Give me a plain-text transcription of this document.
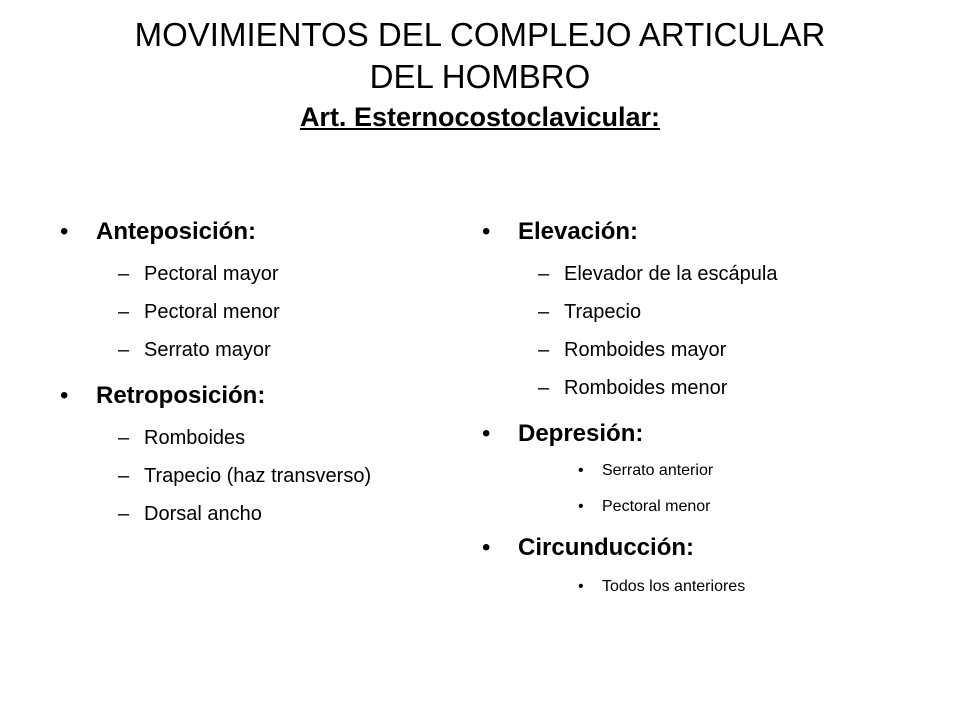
MOVIMIENTOS DEL COMPLEJO ARTICULAR

DEL HOMBRO

Art. Esternocostoclavicular:

• Anteposición:
– Pectoral mayor
– Pectoral menor
– Serrato mayor
• Retroposición:
– Romboides
– Trapecio (haz transverso)
– Dorsal ancho
• Elevación:
– Elevador de la escápula
– Trapecio
– Romboides mayor
– Romboides menor
• Depresión:
• Serrato anterior
• Pectoral menor
• Circunducción:
• Todos los anteriores
